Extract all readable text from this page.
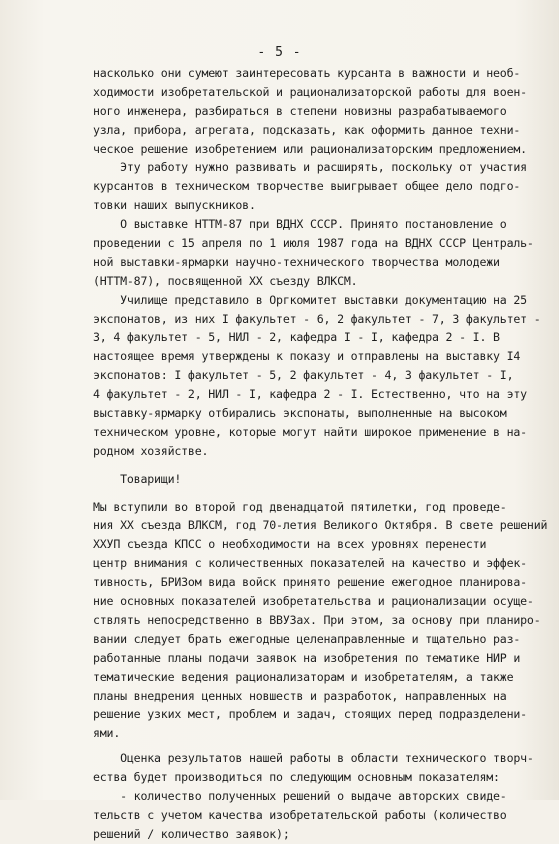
- 5 -
насколько они сумеют заинтересовать курсанта в важности и необ-
ходимости изобретательской и рационализаторской работы для воен-
ного инженера, разбираться в степени новизны разрабатываемого
узла, прибора, агрегата, подсказать, как оформить данное техни-
ческое решение изобретением или рационализаторским предложением.
Эту работу нужно развивать и расширять, поскольку от участия
курсантов в техническом творчестве выигрывает общее дело подго-
товки наших выпускников.
О выставке НТТМ-87 при ВДНХ СССР. Принято постановление о
проведении с 15 апреля по 1 июля 1987 года на ВДНХ СССР Централь-
ной выставки-ярмарки научно-технического творчества молодежи
(НТТМ-87), посвященной XX съезду ВЛКСМ.
Училище представило в Оргкомитет выставки документацию на 25
экспонатов, из них I факультет - 6, 2 факультет - 7, 3 факультет -
3, 4 факультет - 5, НИЛ - 2, кафедра I - I, кафедра 2 - I. В
настоящее время утверждены к показу и отправлены на выставку I4
экспонатов: I факультет - 5, 2 факультет - 4, 3 факультет - I,
4 факультет - 2, НИЛ - I, кафедра 2 - I. Естественно, что на эту
выставку-ярмарку отбирались экспонаты, выполненные на высоком
техническом уровне, которые могут найти широкое применение в на-
родном хозяйстве.
Товарищи!
Мы вступили во второй год двенадцатой пятилетки, год проведе-
ния XX съезда ВЛКСМ, год 70-летия Великого Октября. В свете решений
ХХУП съезда КПСС о необходимости на всех уровнях перенести
центр внимания с количественных показателей на качество и эффек-
тивность, БРИЗом вида войск принято решение ежегодное планирова-
ние основных показателей изобретательства и рационализации осуще-
ствлять непосредственно в ВВУЗах. При этом, за основу при планиро-
вании следует брать ежегодные целенаправленные и тщательно раз-
работанные планы подачи заявок на изобретения по тематике НИР и
тематические ведения рационализаторам и изобретателям, а также
планы внедрения ценных новшеств и разработок, направленных на
решение узких мест, проблем и задач, стоящих перед подразделени-
ями.
Оценка результатов нашей работы в области технического творч-
ества будет производиться по следующим основным показателям:
- количество полученных решений о выдаче авторских свиде-
тельств с учетом качества изобретательской работы (количество
решений / количество заявок);
